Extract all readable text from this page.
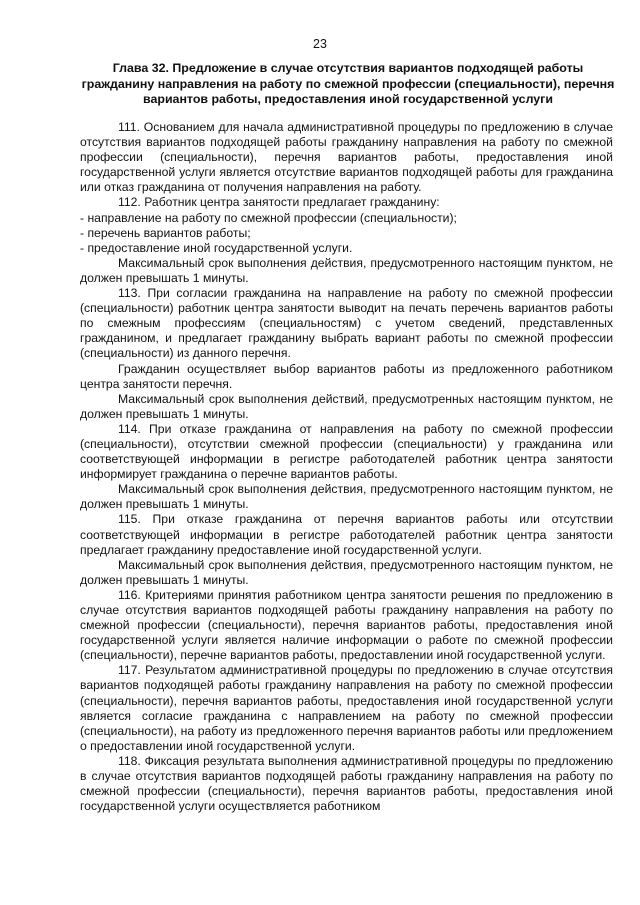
23
Глава 32. Предложение в случае отсутствия вариантов подходящей работы гражданину направления на работу по смежной профессии (специальности), перечня вариантов работы, предоставления иной государственной услуги

111. Основанием для начала административной процедуры по предложению в случае отсутствия вариантов подходящей работы гражданину направления на работу по смежной профессии (специальности), перечня вариантов работы, предоставления иной государственной услуги является отсутствие вариантов подходящей работы для гражданина или отказ гражданина от получения направления на работу.

112. Работник центра занятости предлагает гражданину:

- направление на работу по смежной профессии (специальности);

- перечень вариантов работы;

- предоставление иной государственной услуги.

Максимальный срок выполнения действия, предусмотренного настоящим пунктом, не должен превышать 1 минуты.

113. При согласии гражданина на направление на работу по смежной профессии (специальности) работник центра занятости выводит на печать перечень вариантов работы по смежным профессиям (специальностям) с учетом сведений, представленных гражданином, и предлагает гражданину выбрать вариант работы по смежной профессии (специальности) из данного перечня.

Гражданин осуществляет выбор вариантов работы из предложенного работником центра занятости перечня.

Максимальный срок выполнения действий, предусмотренных настоящим пунктом, не должен превышать 1 минуты.

114. При отказе гражданина от направления на работу по смежной профессии (специальности), отсутствии смежной профессии (специальности) у гражданина или соответствующей информации в регистре работодателей работник центра занятости информирует гражданина о перечне вариантов работы.

Максимальный срок выполнения действия, предусмотренного настоящим пунктом, не должен превышать 1 минуты.

115. При отказе гражданина от перечня вариантов работы или отсутствии соответствующей информации в регистре работодателей работник центра занятости предлагает гражданину предоставление иной государственной услуги.

Максимальный срок выполнения действия, предусмотренного настоящим пунктом, не должен превышать 1 минуты.

116. Критериями принятия работником центра занятости решения по предложению в случае отсутствия вариантов подходящей работы гражданину направления на работу по смежной профессии (специальности), перечня вариантов работы, предоставления иной государственной услуги является наличие информации о работе по смежной профессии (специальности), перечне вариантов работы, предоставлении иной государственной услуги.

117. Результатом административной процедуры по предложению в случае отсутствия вариантов подходящей работы гражданину направления на работу по смежной профессии (специальности), перечня вариантов работы, предоставления иной государственной услуги является согласие гражданина с направлением на работу по смежной профессии (специальности), на работу из предложенного перечня вариантов работы или предложением о предоставлении иной государственной услуги.

118. Фиксация результата выполнения административной процедуры по предложению в случае отсутствия вариантов подходящей работы гражданину направления на работу по смежной профессии (специальности), перечня вариантов работы, предоставления иной государственной услуги осуществляется работником
